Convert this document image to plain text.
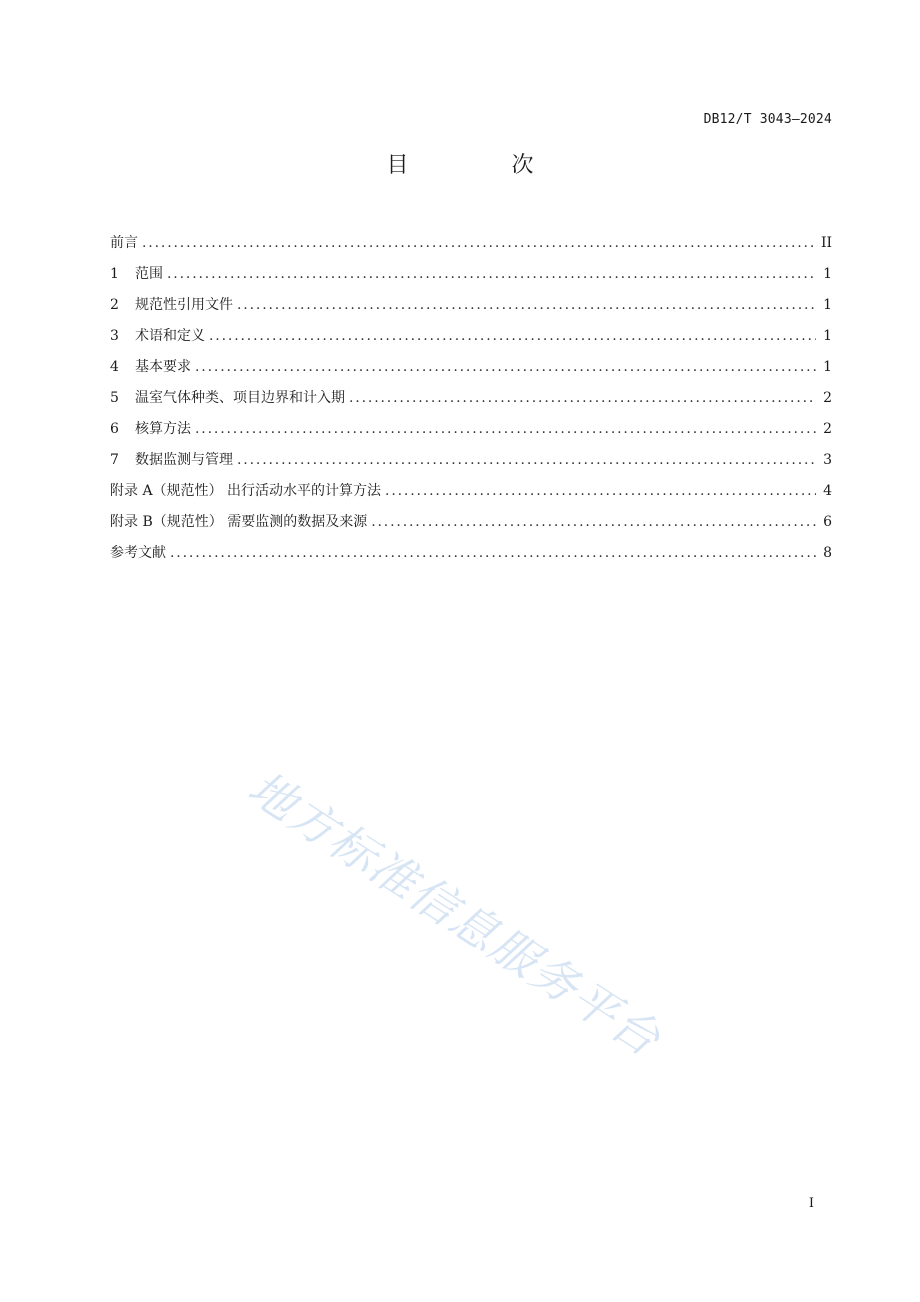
DB12/T 3043—2024
目 次
前言 . . .	II
1	范围 . . .	1
2	规范性引用文件 . . .	1
3	术语和定义 . . .	1
4	基本要求 . . .	1
5	温室气体种类、项目边界和计入期 . . .	2
6	核算方法 . . .	2
7	数据监测与管理 . . .	3
附录 A（规范性） 出行活动水平的计算方法 . . .	4
附录 B（规范性） 需要监测的数据及来源 . . .	6
参考文献 . . .	8
地方标准信息服务平台
I
